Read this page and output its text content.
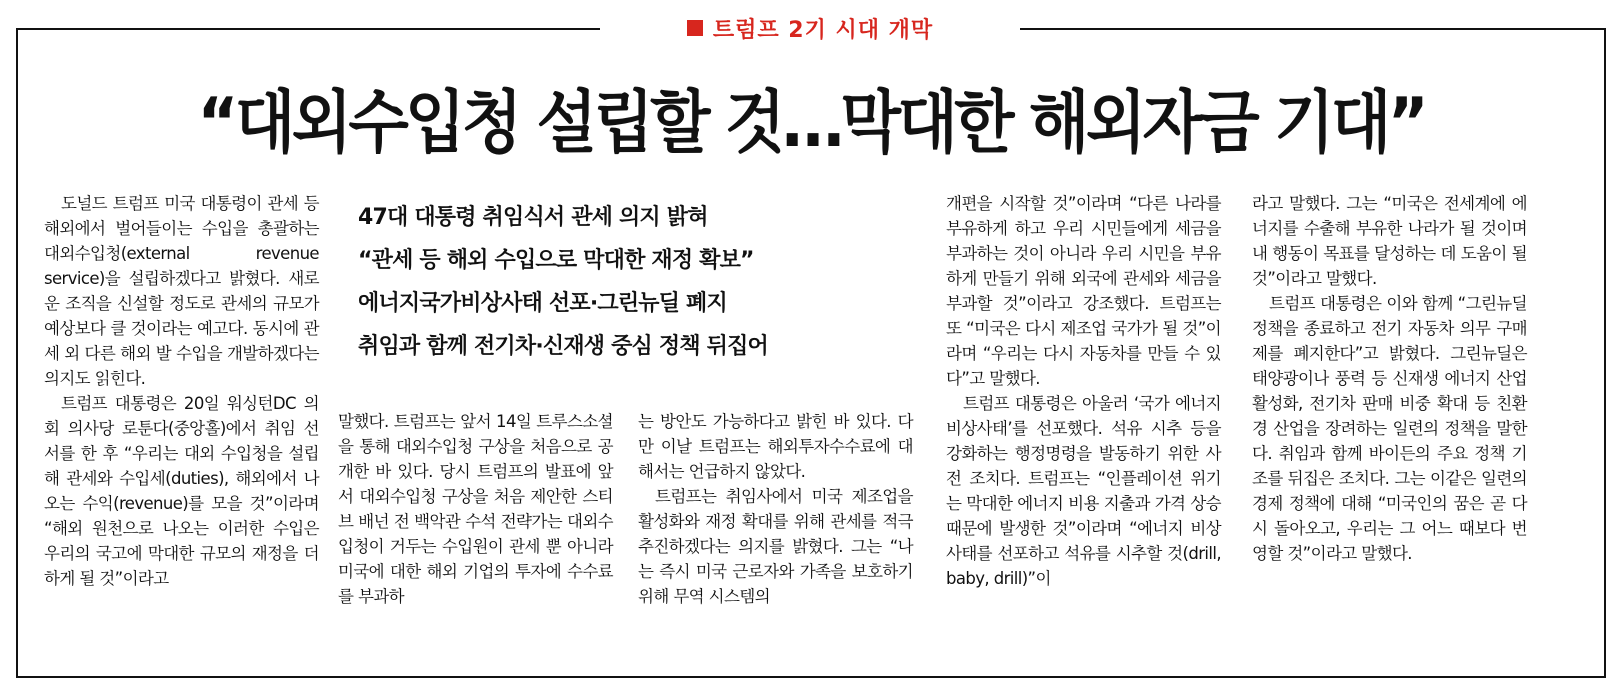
트럼프 2기 시대 개막
“대외수입청 설립할 것…막대한 해외자금 기대”

도널드 트럼프 미국 대통령이 관세 등 해외에서 벌어들이는 수입을 총괄하는 대외수입청(external revenue service)을 설립하겠다고 밝혔다. 새로운 조직을 신설할 정도로 관세의 규모가 예상보다 클 것이라는 예고다. 동시에 관세 외 다른 해외 발 수입을 개발하겠다는 의지도 읽힌다.

트럼프 대통령은 20일 워싱턴DC 의회 의사당 로툰다(중앙홀)에서 취임 선서를 한 후 “우리는 대외 수입청을 설립해 관세와 수입세(duties), 해외에서 나오는 수익(revenue)를 모을 것”이라며 “해외 원천으로 나오는 이러한 수입은 우리의 국고에 막대한 규모의 재정을 더하게 될 것”이라고

47대 대통령 취임식서 관세 의지 밝혀
“관세 등 해외 수입으로 막대한 재정 확보”
에너지국가비상사태 선포·그린뉴딜 폐지
취임과 함께 전기차·신재생 중심 정책 뒤집어

말했다. 트럼프는 앞서 14일 트루스소셜을 통해 대외수입청 구상을 처음으로 공개한 바 있다. 당시 트럼프의 발표에 앞서 대외수입청 구상을 처음 제안한 스티브 배넌 전 백악관 수석 전략가는 대외수입청이 거두는 수입원이 관세 뿐 아니라 미국에 대한 해외 기업의 투자에 수수료를 부과하

는 방안도 가능하다고 밝힌 바 있다. 다만 이날 트럼프는 해외투자수수료에 대해서는 언급하지 않았다.

트럼프는 취임사에서 미국 제조업을 활성화와 재정 확대를 위해 관세를 적극 추진하겠다는 의지를 밝혔다. 그는 “나는 즉시 미국 근로자와 가족을 보호하기 위해 무역 시스템의

개편을 시작할 것”이라며 “다른 나라를 부유하게 하고 우리 시민들에게 세금을 부과하는 것이 아니라 우리 시민을 부유하게 만들기 위해 외국에 관세와 세금을 부과할 것”이라고 강조했다. 트럼프는 또 “미국은 다시 제조업 국가가 될 것”이라며 “우리는 다시 자동차를 만들 수 있다”고 말했다.

트럼프 대통령은 아울러 ‘국가 에너지 비상사태’를 선포했다. 석유 시추 등을 강화하는 행정명령을 발동하기 위한 사전 조치다. 트럼프는 “인플레이션 위기는 막대한 에너지 비용 지출과 가격 상승 때문에 발생한 것”이라며 “에너지 비상사태를 선포하고 석유를 시추할 것(drill, baby, drill)”이

라고 말했다. 그는 “미국은 전세계에 에너지를 수출해 부유한 나라가 될 것이며 내 행동이 목표를 달성하는 데 도움이 될 것”이라고 말했다.

트럼프 대통령은 이와 함께 “그린뉴딜 정책을 종료하고 전기 자동차 의무 구매제를 폐지한다”고 밝혔다. 그린뉴딜은 태양광이나 풍력 등 신재생 에너지 산업 활성화, 전기차 판매 비중 확대 등 친환경 산업을 장려하는 일련의 정책을 말한다. 취임과 함께 바이든의 주요 정책 기조를 뒤집은 조치다. 그는 이같은 일련의 경제 정책에 대해 “미국인의 꿈은 곧 다시 돌아오고, 우리는 그 어느 때보다 번영할 것”이라고 말했다.
